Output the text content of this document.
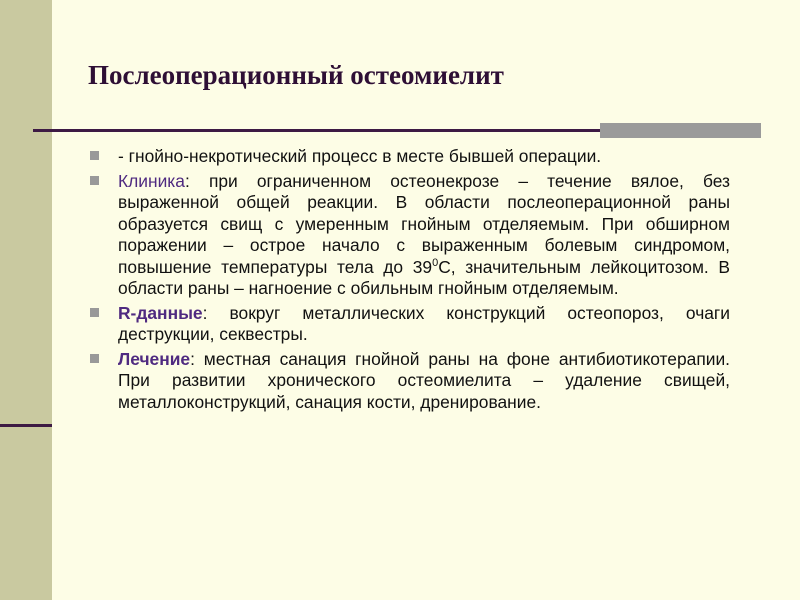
Послеоперационный остеомиелит
- гнойно-некротический процесс в месте бывшей операции.
Клиника: при ограниченном остеонекрозе – течение вялое, без выраженной общей реакции. В области послеоперационной раны образуется свищ с умеренным гнойным отделяемым. При обширном поражении – острое начало с выраженным болевым синдромом, повышение температуры тела до $39^0С$, значительным лейкоцитозом. В области раны – нагноение с обильным гнойным отделяемым.
R-данные: вокруг металлических конструкций остеопороз, очаги деструкции, секвестры.
Лечение: местная санация гнойной раны на фоне антибиотикотерапии. При развитии хронического остеомиелита – удаление свищей, металлоконструкций, санация кости, дренирование.
